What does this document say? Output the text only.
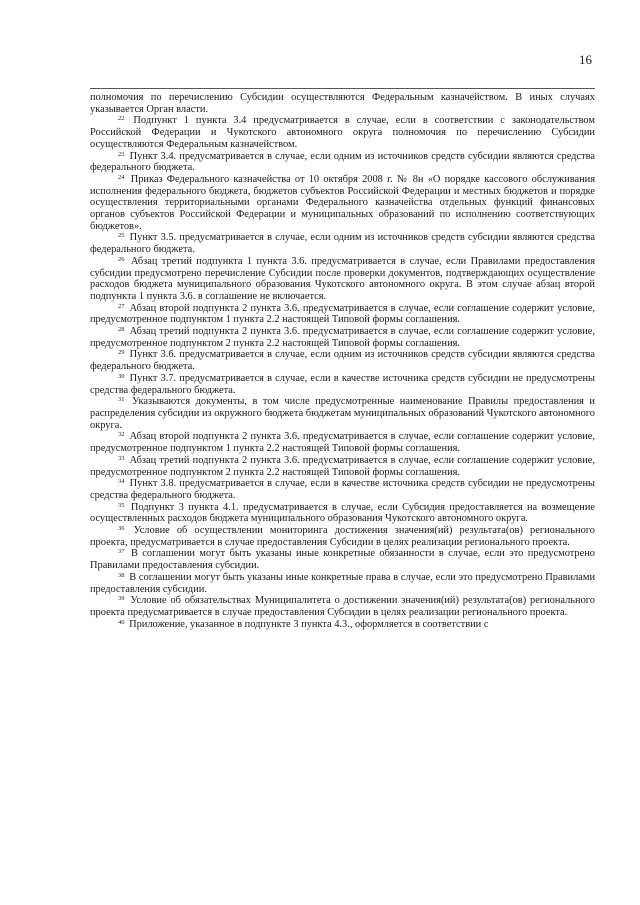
16

полномочия по перечислению Субсидии осуществляются Федеральным казначейством. В иных случаях указывается Орган власти.

$^{22}$ Подпункт 1 пункта 3.4 предусматривается в случае, если в соответствии с законодательством Российской Федерации и Чукотского автономного округа полномочия по перечислению Субсидии осуществляются Федеральным казначейством.

$^{23}$ Пункт 3.4. предусматривается в случае, если одним из источников средств субсидии являются средства федерального бюджета.

$^{24}$ Приказ Федерального казначейства от 10 октября 2008 г. № 8н «О порядке кассового обслуживания исполнения федерального бюджета, бюджетов субъектов Российской Федерации и местных бюджетов и порядке осуществления территориальными органами Федерального казначейства отдельных функций финансовых органов субъектов Российской Федерации и муниципальных образований по исполнению соответствующих бюджетов».

$^{25}$ Пункт 3.5. предусматривается в случае, если одним из источников средств субсидии являются средства федерального бюджета.

$^{26}$ Абзац третий подпункта 1 пункта 3.6. предусматривается в случае, если Правилами предоставления субсидии предусмотрено перечисление Субсидии после проверки документов, подтверждающих осуществление расходов бюджета муниципального образования Чукотского автономного округа. В этом случае абзац второй подпункта 1 пункта 3.6. в соглашение не включается.

$^{27}$ Абзац второй подпункта 2 пункта 3.6. предусматривается в случае, если соглашение содержит условие, предусмотренное подпунктом 1 пункта 2.2 настоящей Типовой формы соглашения.

$^{28}$ Абзац третий подпункта 2 пункта 3.6. предусматривается в случае, если соглашение содержит условие, предусмотренное подпунктом 2 пункта 2.2 настоящей Типовой формы соглашения.

$^{29}$ Пункт 3.6. предусматривается в случае, если одним из источников средств субсидии являются средства федерального бюджета.

$^{30}$ Пункт 3.7. предусматривается в случае, если в качестве источника средств субсидии не предусмотрены средства федерального бюджета.

$^{31}$ Указываются документы, в том числе предусмотренные наименование Правилы предоставления и распределения субсидии из окружного бюджета бюджетам муниципальных образований Чукотского автономного округа.

$^{32}$ Абзац второй подпункта 2 пункта 3.6. предусматривается в случае, если соглашение содержит условие, предусмотренное подпунктом 1 пункта 2.2 настоящей Типовой формы соглашения.

$^{33}$ Абзац третий подпункта 2 пункта 3.6. предусматривается в случае, если соглашение содержит условие, предусмотренное подпунктом 2 пункта 2.2 настоящей Типовой формы соглашения.

$^{34}$ Пункт 3.8. предусматривается в случае, если в качестве источника средств субсидии не предусмотрены средства федерального бюджета.

$^{35}$ Подпункт 3 пункта 4.1. предусматривается в случае, если Субсидия предоставляется на возмещение осуществленных расходов бюджета муниципального образования Чукотского автономного округа.

$^{36}$ Условие об осуществлении мониторинга достижения значения(ий) результата(ов) регионального проекта, предусматривается в случае предоставления Субсидии в целях реализации регионального проекта.

$^{37}$ В соглашении могут быть указаны иные конкретные обязанности в случае, если это предусмотрено Правилами предоставления субсидии.

$^{38}$ В соглашении могут быть указаны иные конкретные права в случае, если это предусмотрено Правилами предоставления субсидии.

$^{39}$ Условие об обязательствах Муниципалитета о достижении значения(ий) результата(ов) регионального проекта предусматривается в случае предоставления Субсидии в целях реализации регионального проекта.

$^{40}$ Приложение, указанное в подпункте 3 пункта 4.3., оформляется в соответствии с
